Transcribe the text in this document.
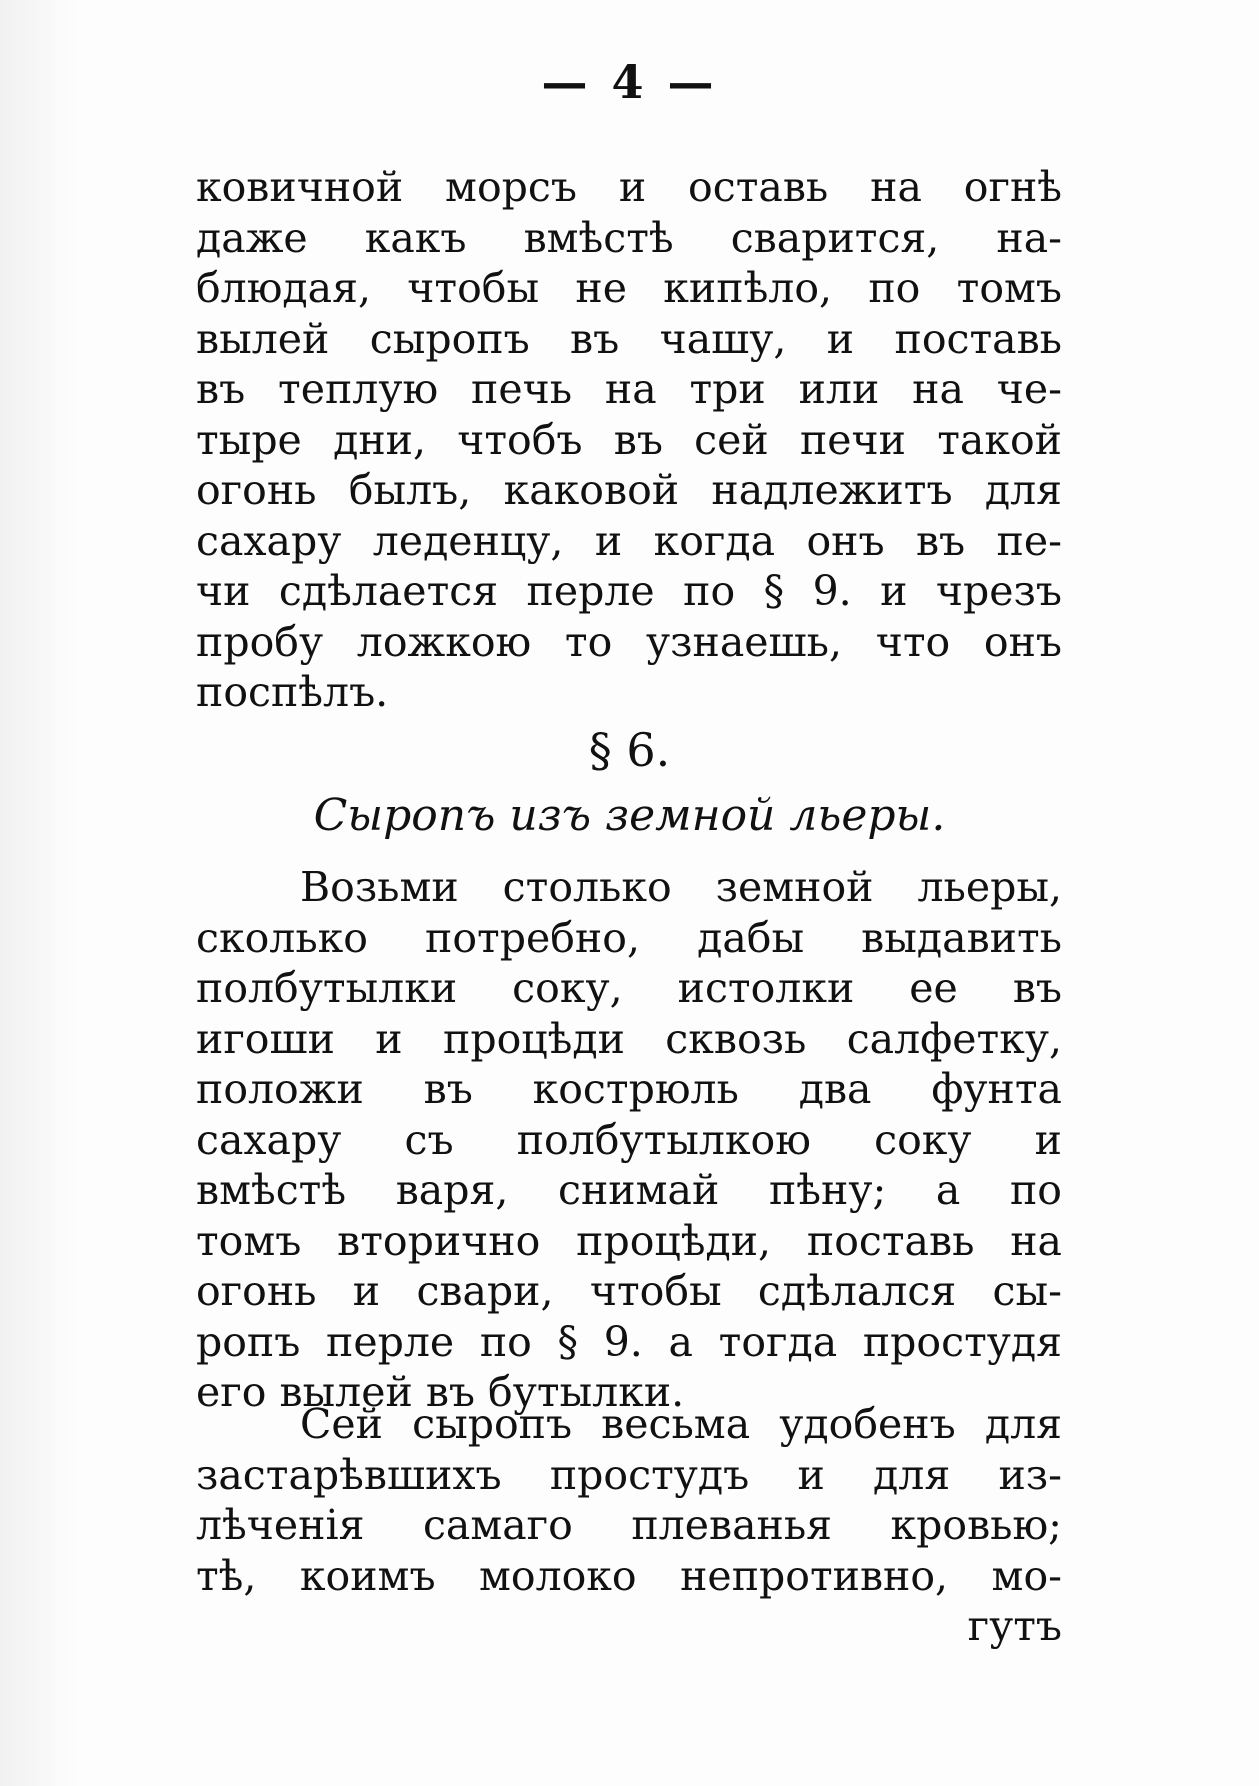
— 4 —
ковичной морсъ и оставь на огнѣ
даже какъ вмѣстѣ сварится, на-
блюдая, чтобы не кипѣло, по томъ
вылей сыропъ въ чашу, и поставь
въ теплую печь на три или на че-
тыре дни, чтобъ въ сей печи такой
огонь былъ, каковой надлежитъ для
сахару леденцу, и когда онъ въ пе-
чи сдѣлается перле по § 9. и чрезъ
пробу ложкою то узнаешь, что онъ
поспѣлъ.
§ 6.
Сыропъ изъ земной льеры.
Возьми столько земной льеры,
сколько потребно, дабы выдавить
полбутылки соку, истолки ее въ
игоши и процѣди сквозь салфетку,
положи въ кострюль два фунта
сахару съ полбутылкою соку и
вмѣстѣ варя, снимай пѣну; а по
томъ вторично процѣди, поставь на
огонь и свари, чтобы сдѣлался сы-
ропъ перле по § 9. а тогда простудя
его вылей въ бутылки.
Сей сыропъ весьма удобенъ для
застарѣвшихъ простудъ и для из-
лѣченія самаго плеванья кровью;
тѣ, коимъ молоко непротивно, мо-
гутъ
